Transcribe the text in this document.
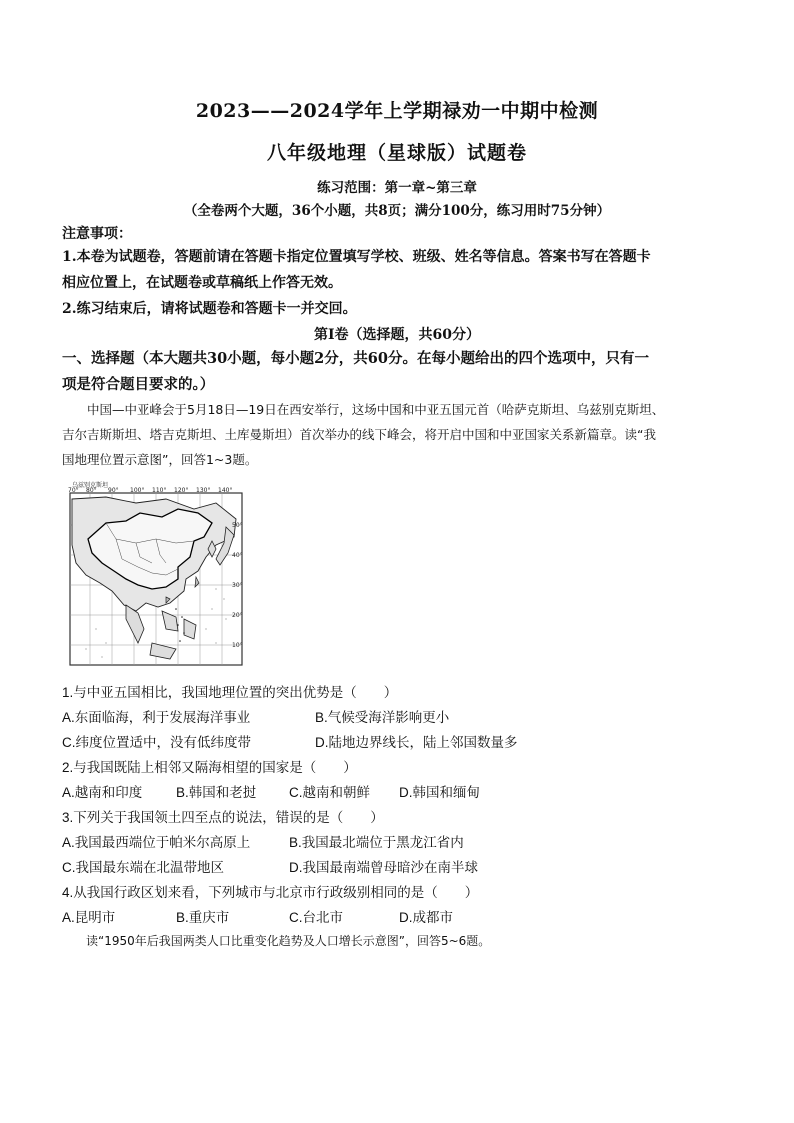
2023——2024学年上学期禄劝一中期中检测
八年级地理（星球版）试题卷
练习范围：第一章~第三章
（全卷两个大题，36个小题，共8页；满分100分，练习用时75分钟）
注意事项：
1.本卷为试题卷，答题前请在答题卡指定位置填写学校、班级、姓名等信息。答案书写在答题卡
相应位置上，在试题卷或草稿纸上作答无效。
2.练习结束后，请将试题卷和答题卡一并交回。
第Ⅰ卷（选择题，共60分）
一、选择题（本大题共30小题，每小题2分，共60分。在每小题给出的四个选项中，只有一
项是符合题目要求的。）
中国—中亚峰会于5月18日—19日在西安举行，这场中国和中亚五国元首（哈萨克斯坦、乌兹别克斯坦、
吉尔吉斯斯坦、塔吉克斯坦、土库曼斯坦）首次举办的线下峰会，将开启中国和中亚国家关系新篇章。读“我
国地理位置示意图”，回答1~3题。
乌兹别克斯坦
70° 80° 90° 100° 110° 120° 130° 140°
50°
40°
30°
20°
10°
1.与中亚五国相比，我国地理位置的突出优势是（　　）
A.东面临海，利于发展海洋事业	B.气候受海洋影响更小
C.纬度位置适中，没有低纬度带	D.陆地边界线长，陆上邻国数量多
2.与我国既陆上相邻又隔海相望的国家是（　　）
A.越南和印度 B.韩国和老挝 C.越南和朝鲜 D.韩国和缅甸
3.下列关于我国领土四至点的说法，错误的是（　　）
A.我国最西端位于帕米尔高原上	B.我国最北端位于黑龙江省内
C.我国最东端在北温带地区	D.我国最南端曾母暗沙在南半球
4.从我国行政区划来看，下列城市与北京市行政级别相同的是（　　）
A.昆明市	B.重庆市	C.台北市	D.成都市
读“1950年后我国两类人口比重变化趋势及人口增长示意图”，回答5~6题。
